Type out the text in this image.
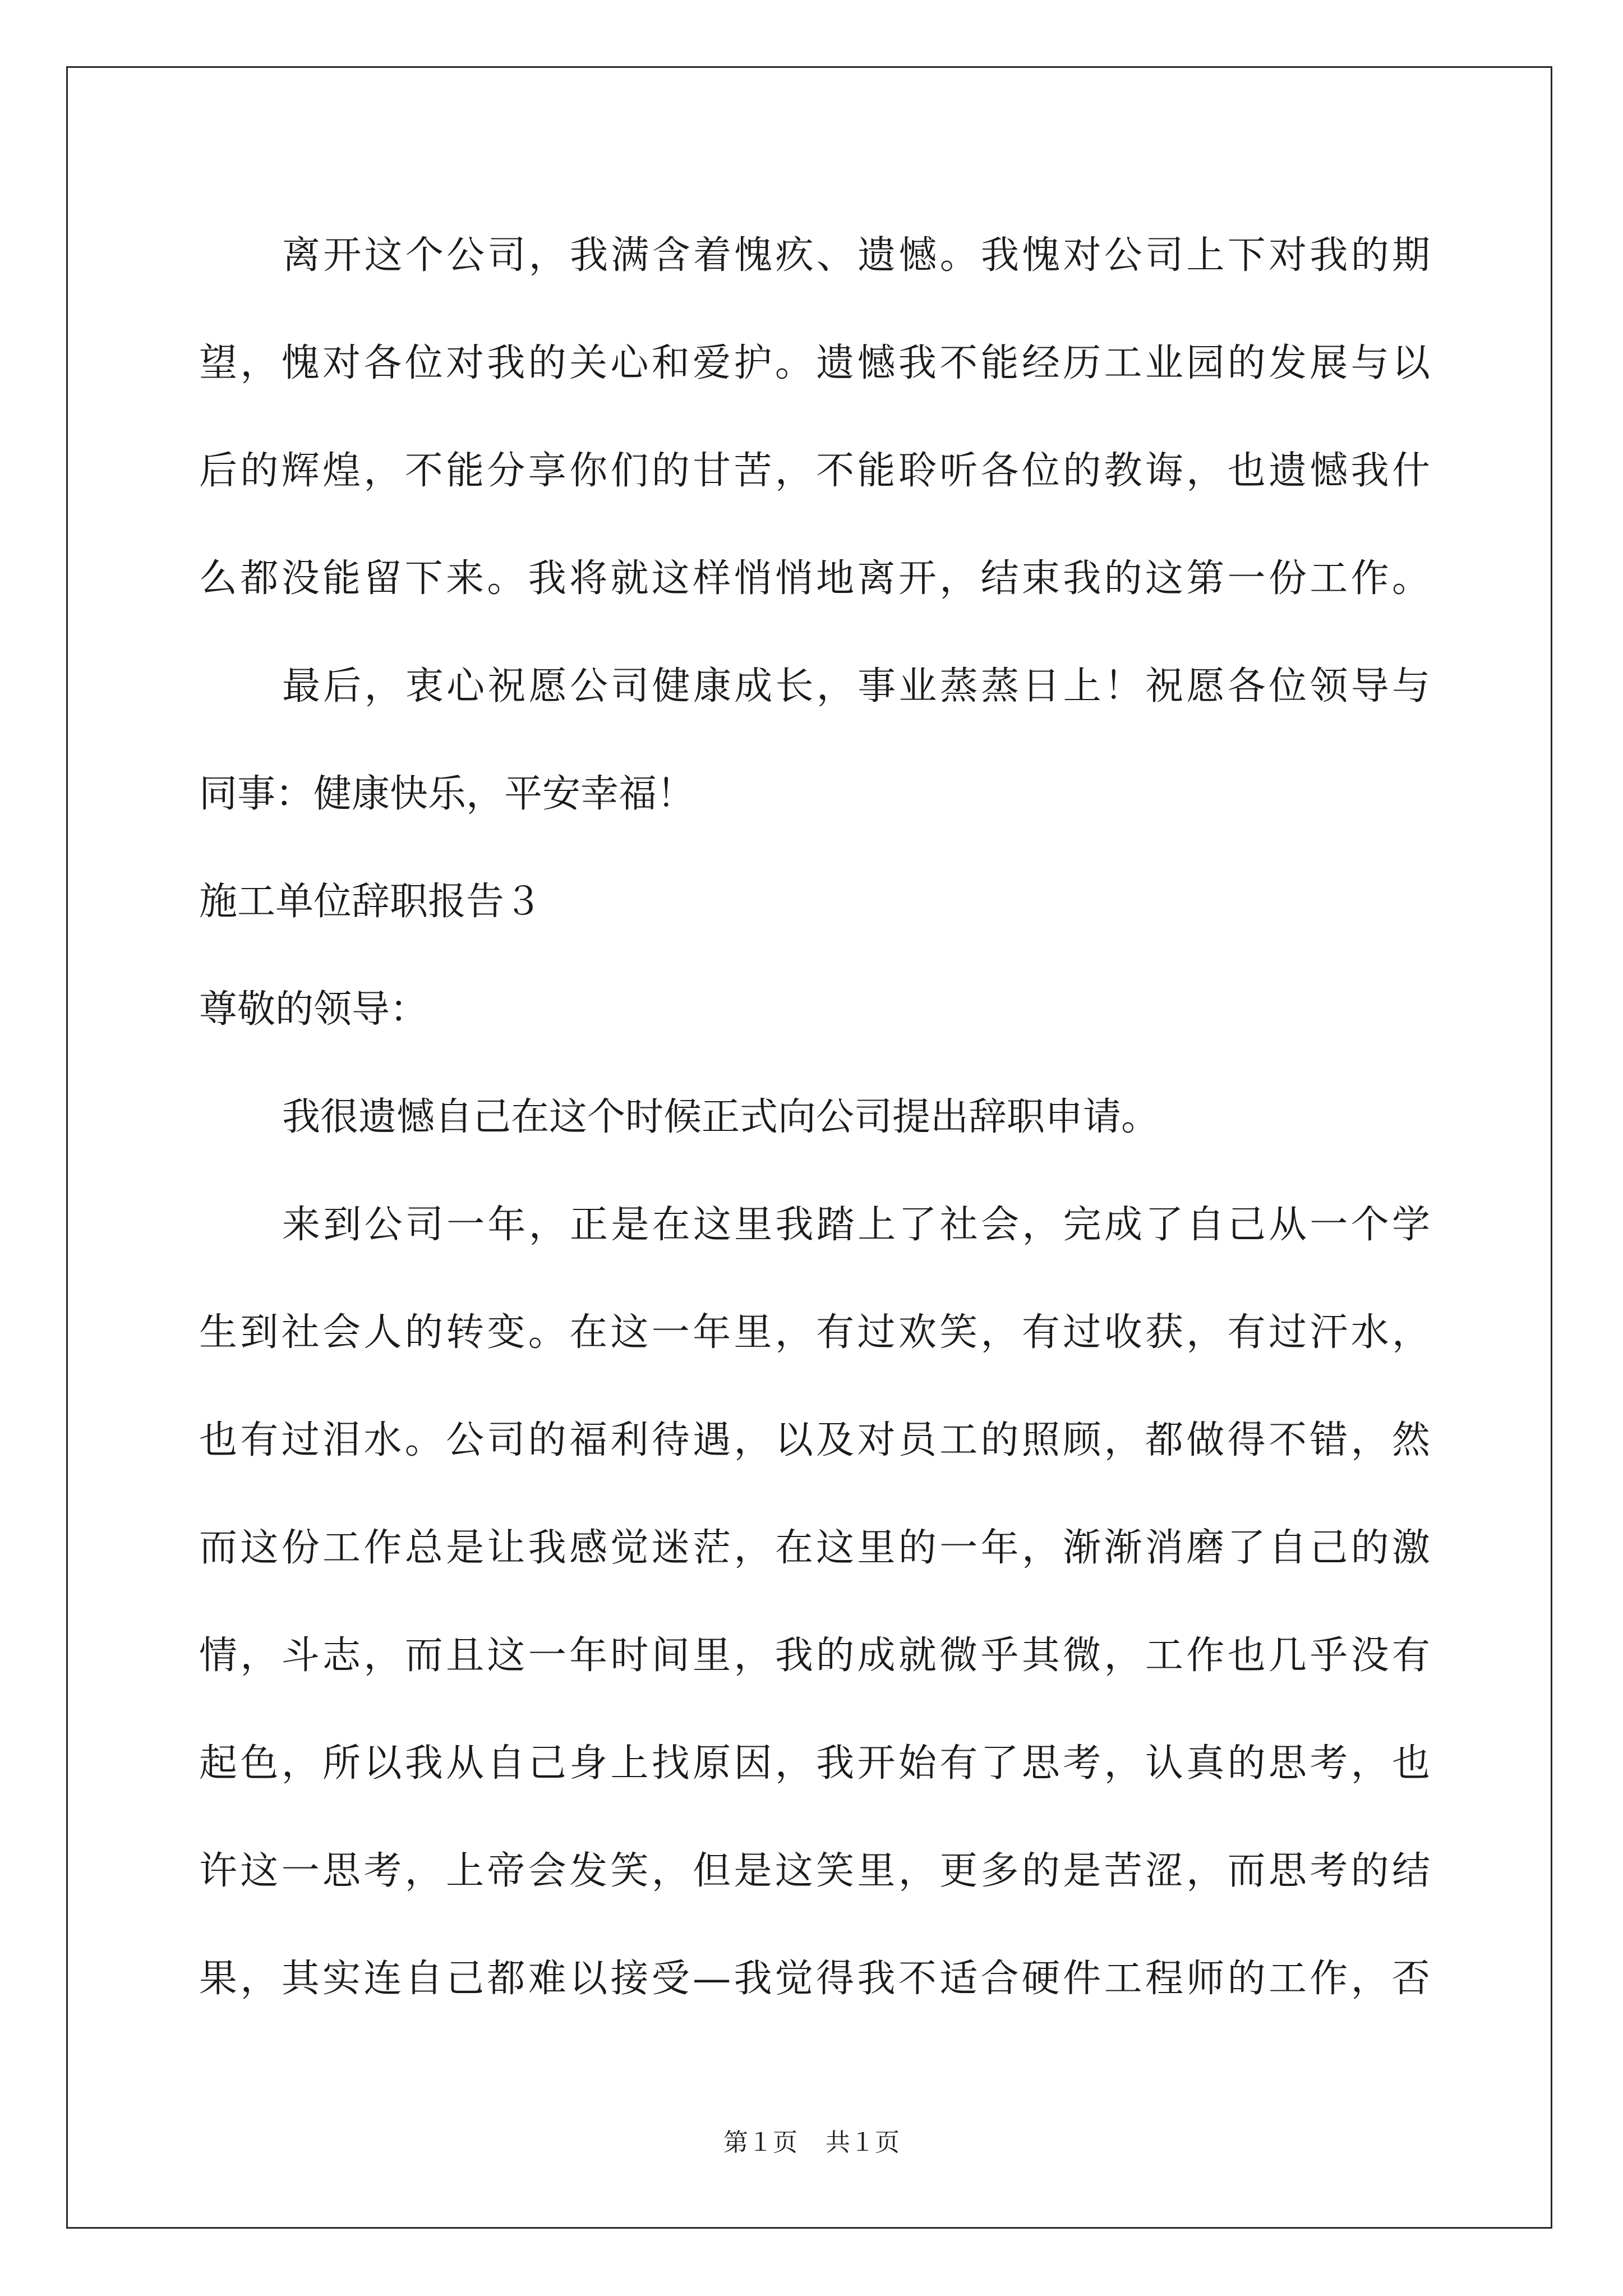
离开这个公司，我满含着愧疚、遗憾。我愧对公司上下对我的期
望，愧对各位对我的关心和爱护。遗憾我不能经历工业园的发展与以
后的辉煌，不能分享你们的甘苦，不能聆听各位的教诲，也遗憾我什
么都没能留下来。我将就这样悄悄地离开，结束我的这第一份工作。
最后，衷心祝愿公司健康成长，事业蒸蒸日上！祝愿各位领导与
同事：健康快乐，平安幸福！
施工单位辞职报告３
尊敬的领导：
我很遗憾自己在这个时候正式向公司提出辞职申请。
来到公司一年，正是在这里我踏上了社会，完成了自己从一个学
生到社会人的转变。在这一年里，有过欢笑，有过收获，有过汗水，
也有过泪水。公司的福利待遇，以及对员工的照顾，都做得不错，然
而这份工作总是让我感觉迷茫，在这里的一年，渐渐消磨了自己的激
情，斗志，而且这一年时间里，我的成就微乎其微，工作也几乎没有
起色，所以我从自己身上找原因，我开始有了思考，认真的思考，也
许这一思考，上帝会发笑，但是这笑里，更多的是苦涩，而思考的结
果，其实连自己都难以接受—我觉得我不适合硬件工程师的工作，否
第１页 共１页
